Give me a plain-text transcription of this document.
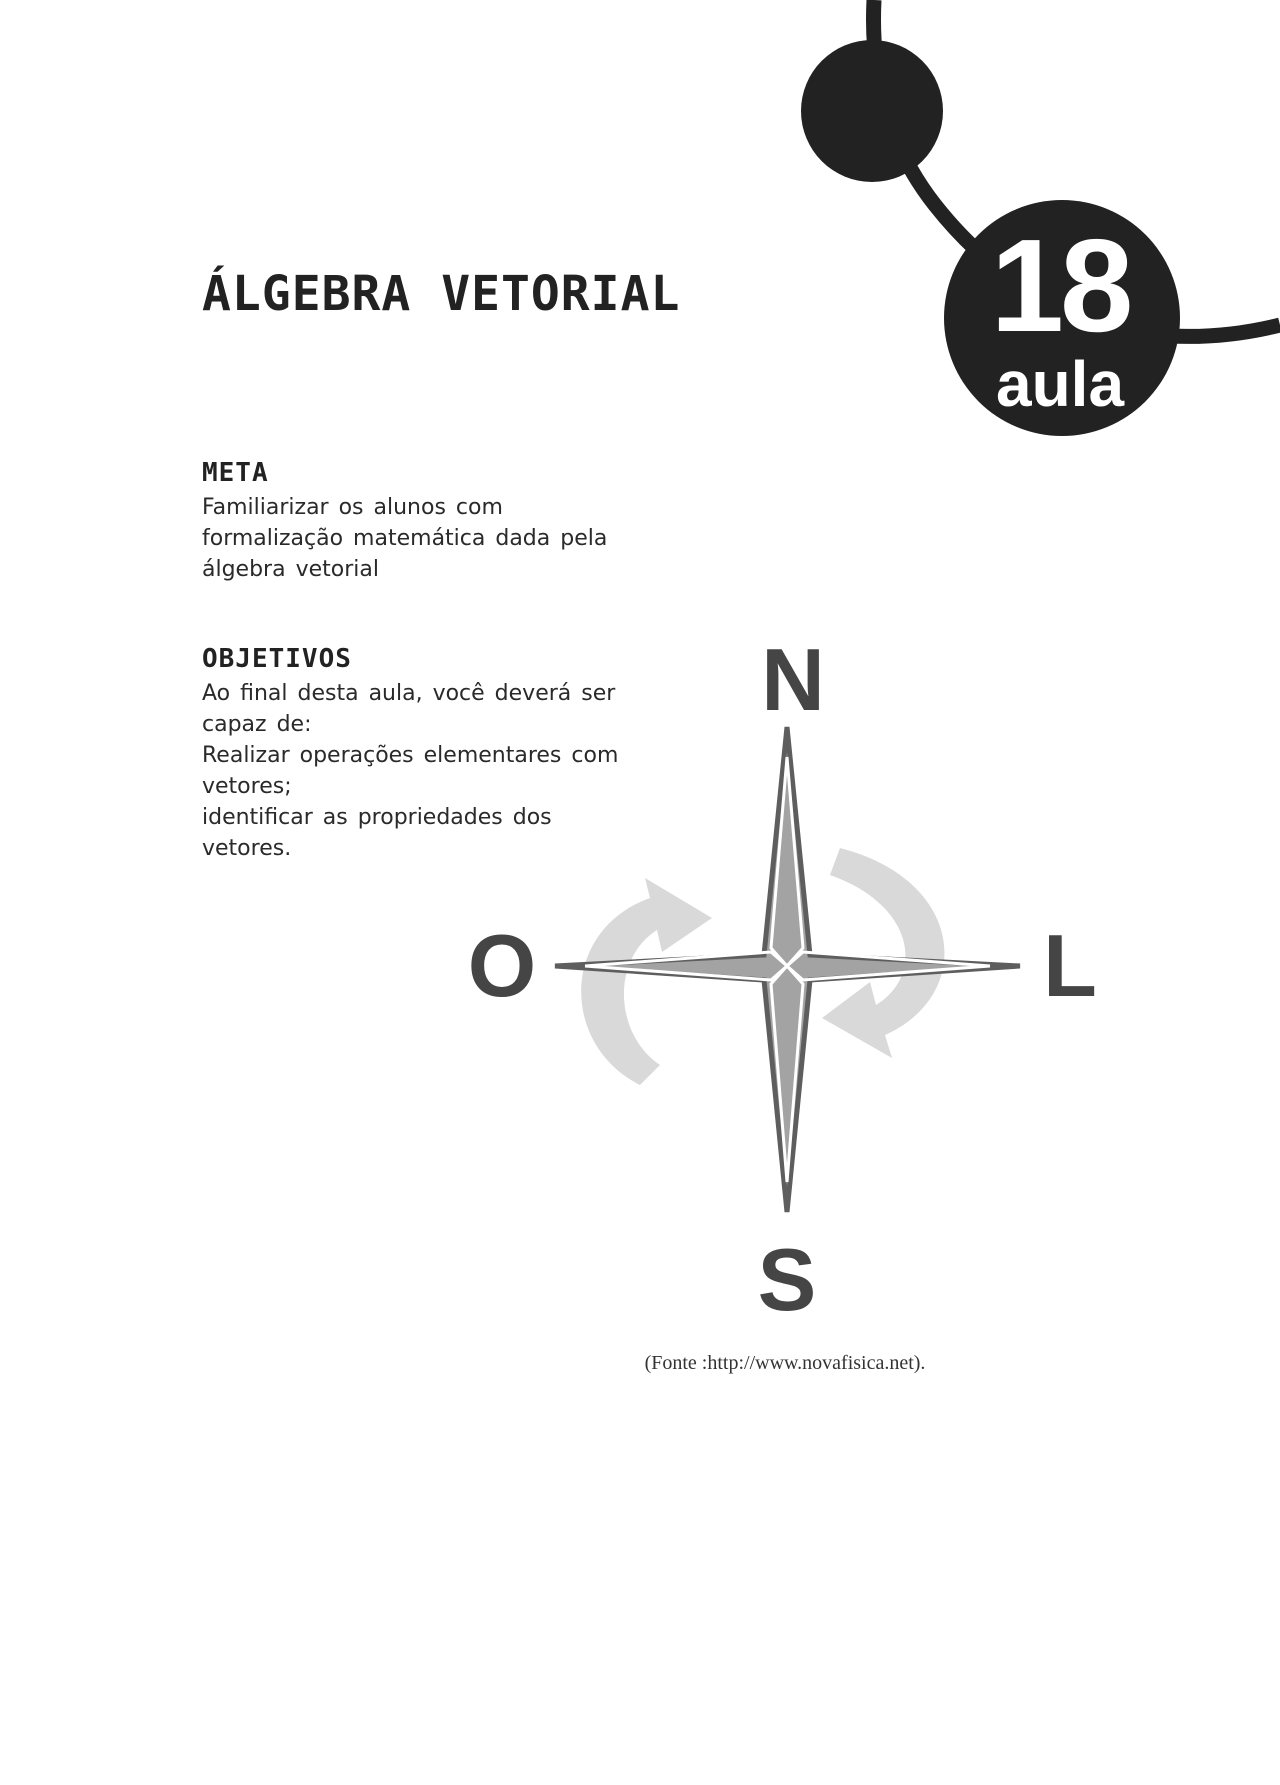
18
aula
ÁLGEBRA VETORIAL
META

Familiarizar os alunos com formalização matemática dada pela álgebra vetorial

OBJETIVOS

Ao final desta aula, você deverá ser capaz de:

Realizar operações elementares com vetores;

identificar as propriedades dos vetores.

N
S
L
O
(Fonte :http://www.novafisica.net).
